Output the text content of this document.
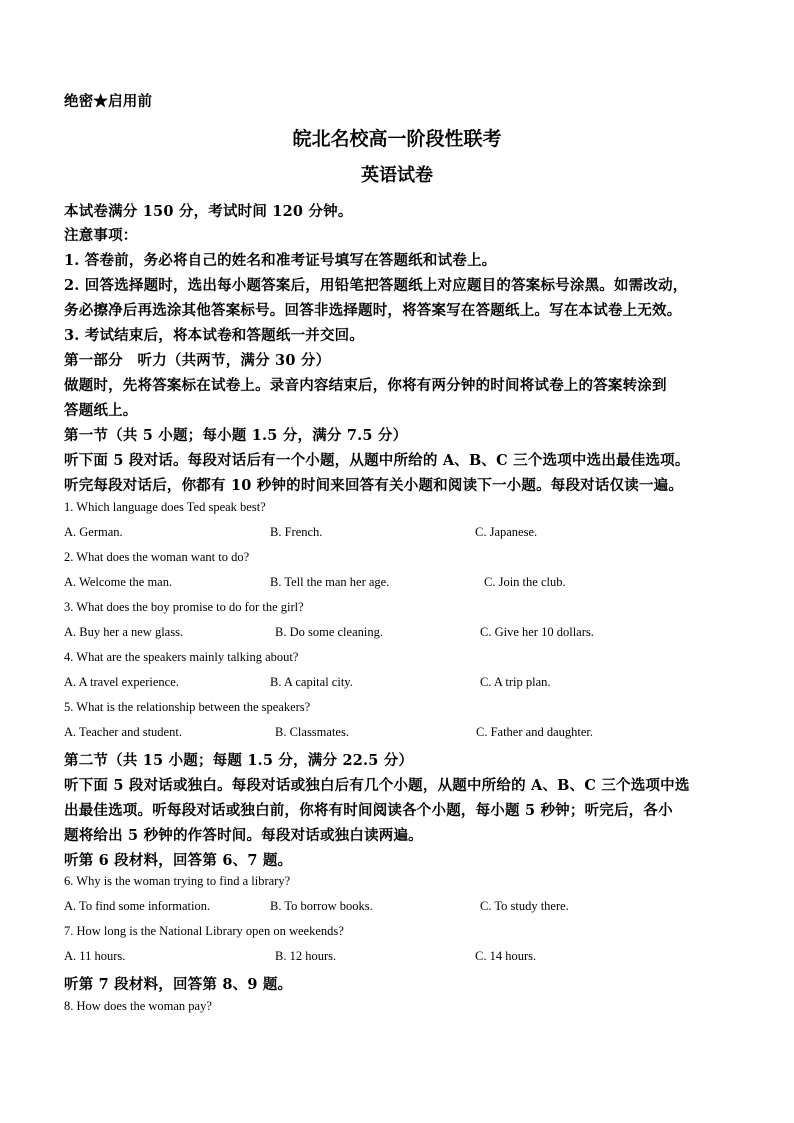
绝密★启用前
皖北名校高一阶段性联考
英语试卷
本试卷满分 150 分，考试时间 120 分钟。
注意事项：
1. 答卷前，务必将自己的姓名和准考证号填写在答题纸和试卷上。
2. 回答选择题时，选出每小题答案后，用铅笔把答题纸上对应题目的答案标号涂黑。如需改动，
务必擦净后再选涂其他答案标号。回答非选择题时，将答案写在答题纸上。写在本试卷上无效。
3. 考试结束后，将本试卷和答题纸一并交回。
第一部分　听力（共两节，满分 30 分）
做题时，先将答案标在试卷上。录音内容结束后，你将有两分钟的时间将试卷上的答案转涂到
答题纸上。
第一节（共 5 小题；每小题 1.5 分，满分 7.5 分）
听下面 5 段对话。每段对话后有一个小题，从题中所给的 A、B、C 三个选项中选出最佳选项。
听完每段对话后，你都有 10 秒钟的时间来回答有关小题和阅读下一小题。每段对话仅读一遍。
1. Which language does Ted speak best?
A. German.	B. French.	C. Japanese.
2. What does the woman want to do?
A. Welcome the man.	B. Tell the man her age.	C. Join the club.
3. What does the boy promise to do for the girl?
A. Buy her a new glass.	B. Do some cleaning.	C. Give her 10 dollars.
4. What are the speakers mainly talking about?
A. A travel experience.	B. A capital city.	C. A trip plan.
5. What is the relationship between the speakers?
A. Teacher and student.	B. Classmates.	C. Father and daughter.
第二节（共 15 小题；每题 1.5 分，满分 22.5 分）
听下面 5 段对话或独白。每段对话或独白后有几个小题，从题中所给的 A、B、C 三个选项中选
出最佳选项。听每段对话或独白前，你将有时间阅读各个小题，每小题 5 秒钟；听完后，各小
题将给出 5 秒钟的作答时间。每段对话或独白读两遍。
听第 6 段材料，回答第 6、7 题。
6. Why is the woman trying to find a library?
A. To find some information.	B. To borrow books.	C. To study there.
7. How long is the National Library open on weekends?
A. 11 hours.	B. 12 hours.	C. 14 hours.
听第 7 段材料，回答第 8、9 题。
8. How does the woman pay?
